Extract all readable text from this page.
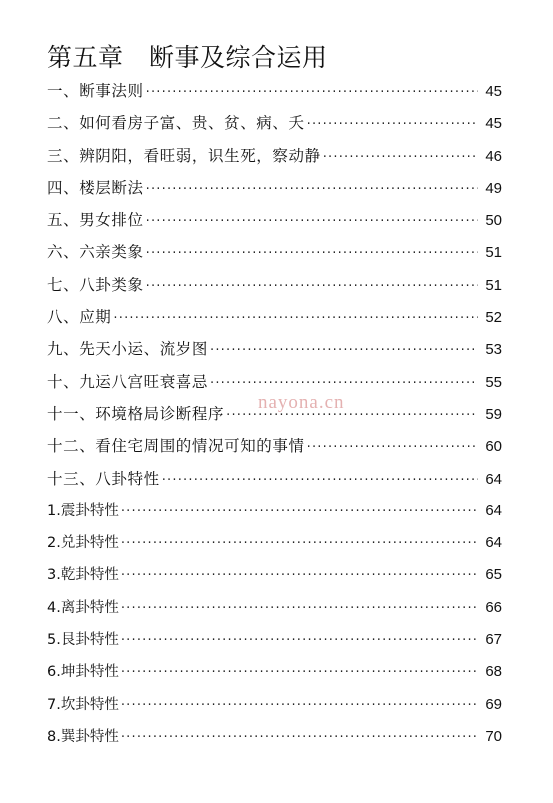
第五章　断事及综合运用
一、断事法则 ·····	45
二、如何看房子富、贵、贫、病、夭 ·····	45
三、辨阴阳，看旺弱，识生死，察动静 ·····	46
四、楼层断法 ·····	49
五、男女排位 ·····	50
六、六亲类象 ·····	51
七、八卦类象 ·····	51
八、应期 ·····	52
九、先天小运、流岁图 ·····	53
十、九运八宫旺衰喜忌 ·····	55
十一、环境格局诊断程序 ·····	59
十二、看住宅周围的情况可知的事情 ·····	60
十三、八卦特性 ·····	64
1.震卦特性 ·····	64
2.兑卦特性 ·····	64
3.乾卦特性 ·····	65
4.离卦特性 ·····	66
5.艮卦特性 ·····	67
6.坤卦特性 ·····	68
7.坎卦特性 ·····	69
8.巽卦特性 ·····	70
nayona.cn
